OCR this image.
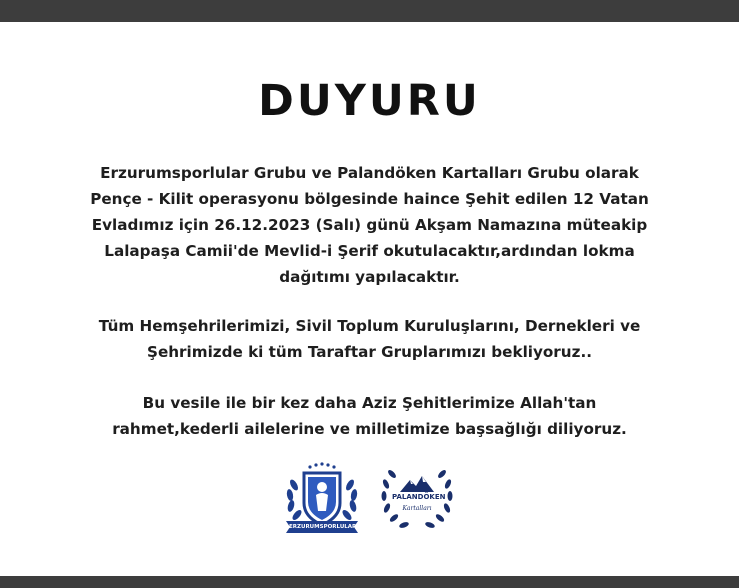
DUYURU

Erzurumsporlular Grubu ve Palandöken Kartalları Grubu olarak
Pençe - Kilit operasyonu bölgesinde haince Şehit edilen 12 Vatan
Evladımız için 26.12.2023 (Salı) günü Akşam Namazına müteakip
Lalapaşa Camii'de Mevlid-i Şerif okutulacaktır,ardından lokma
dağıtımı yapılacaktır.

Tüm Hemşehrilerimizi, Sivil Toplum Kuruluşlarını, Dernekleri ve
Şehrimizde ki tüm Taraftar Gruplarımızı bekliyoruz..

Bu vesile ile bir kez daha Aziz Şehitlerimize Allah'tan
rahmet,kederli ailelerine ve milletimize başsağlığı diliyoruz.

ERZURUMSPORLULAR
PALANDÖKEN
Kartalları
